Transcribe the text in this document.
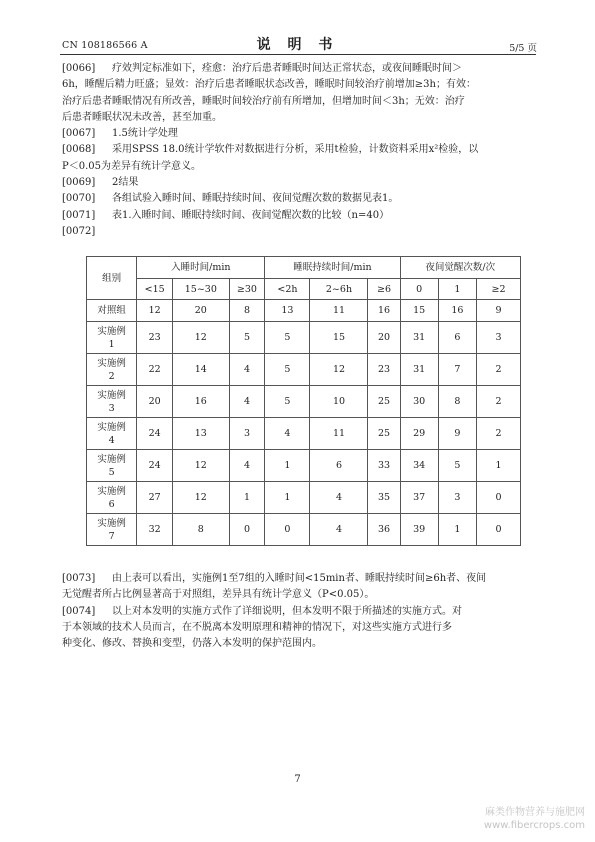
CN 108186566 A	说 明 书	5/5 页
[0066]	疗效判定标准如下，痊愈：治疗后患者睡眠时间达正常状态，或夜间睡眠时间＞
6h，睡醒后精力旺盛；显效：治疗后患者睡眠状态改善，睡眠时间较治疗前增加≥3h；有效：
治疗后患者睡眠情况有所改善，睡眠时间较治疗前有所增加，但增加时间＜3h；无效：治疗
后患者睡眠状况未改善，甚至加重。
[0067]	1.5统计学处理
[0068]	采用SPSS 18.0统计学软件对数据进行分析，采用t检验，计数资料采用x²检验，以
P＜0.05为差异有统计学意义。
[0069]	2结果
[0070]	各组试验入睡时间、睡眠持续时间、夜间觉醒次数的数据见表1。
[0071]	表1.入睡时间、睡眠持续时间、夜间觉醒次数的比较（n=40）
[0072]
组别	入睡时间/min			睡眠持续时间/min			夜间觉醒次数/次		
	<15	15~30	≥30	<2h	2~6h	≥6	0	1	≥2
对照组	12	20	8	13	11	16	15	16	9
实施例
1	23	12	5	5	15	20	31	6	3
实施例
2	22	14	4	5	12	23	31	7	2
实施例
3	20	16	4	5	10	25	30	8	2
实施例
4	24	13	3	4	11	25	29	9	2
实施例
5	24	12	4	1	6	33	34	5	1
实施例
6	27	12	1	1	4	35	37	3	0
实施例
7	32	8	0	0	4	36	39	1	0
[0073]	由上表可以看出，实施例1至7组的入睡时间<15min者、睡眠持续时间≥6h者、夜间
无觉醒者所占比例显著高于对照组，差异具有统计学意义（P<0.05）。
[0074]	以上对本发明的实施方式作了详细说明，但本发明不限于所描述的实施方式。对
于本领域的技术人员而言，在不脱离本发明原理和精神的情况下，对这些实施方式进行多
种变化、修改、替换和变型，仍落入本发明的保护范围内。
7
麻类作物营养与施肥网
www.fibercrops.com
